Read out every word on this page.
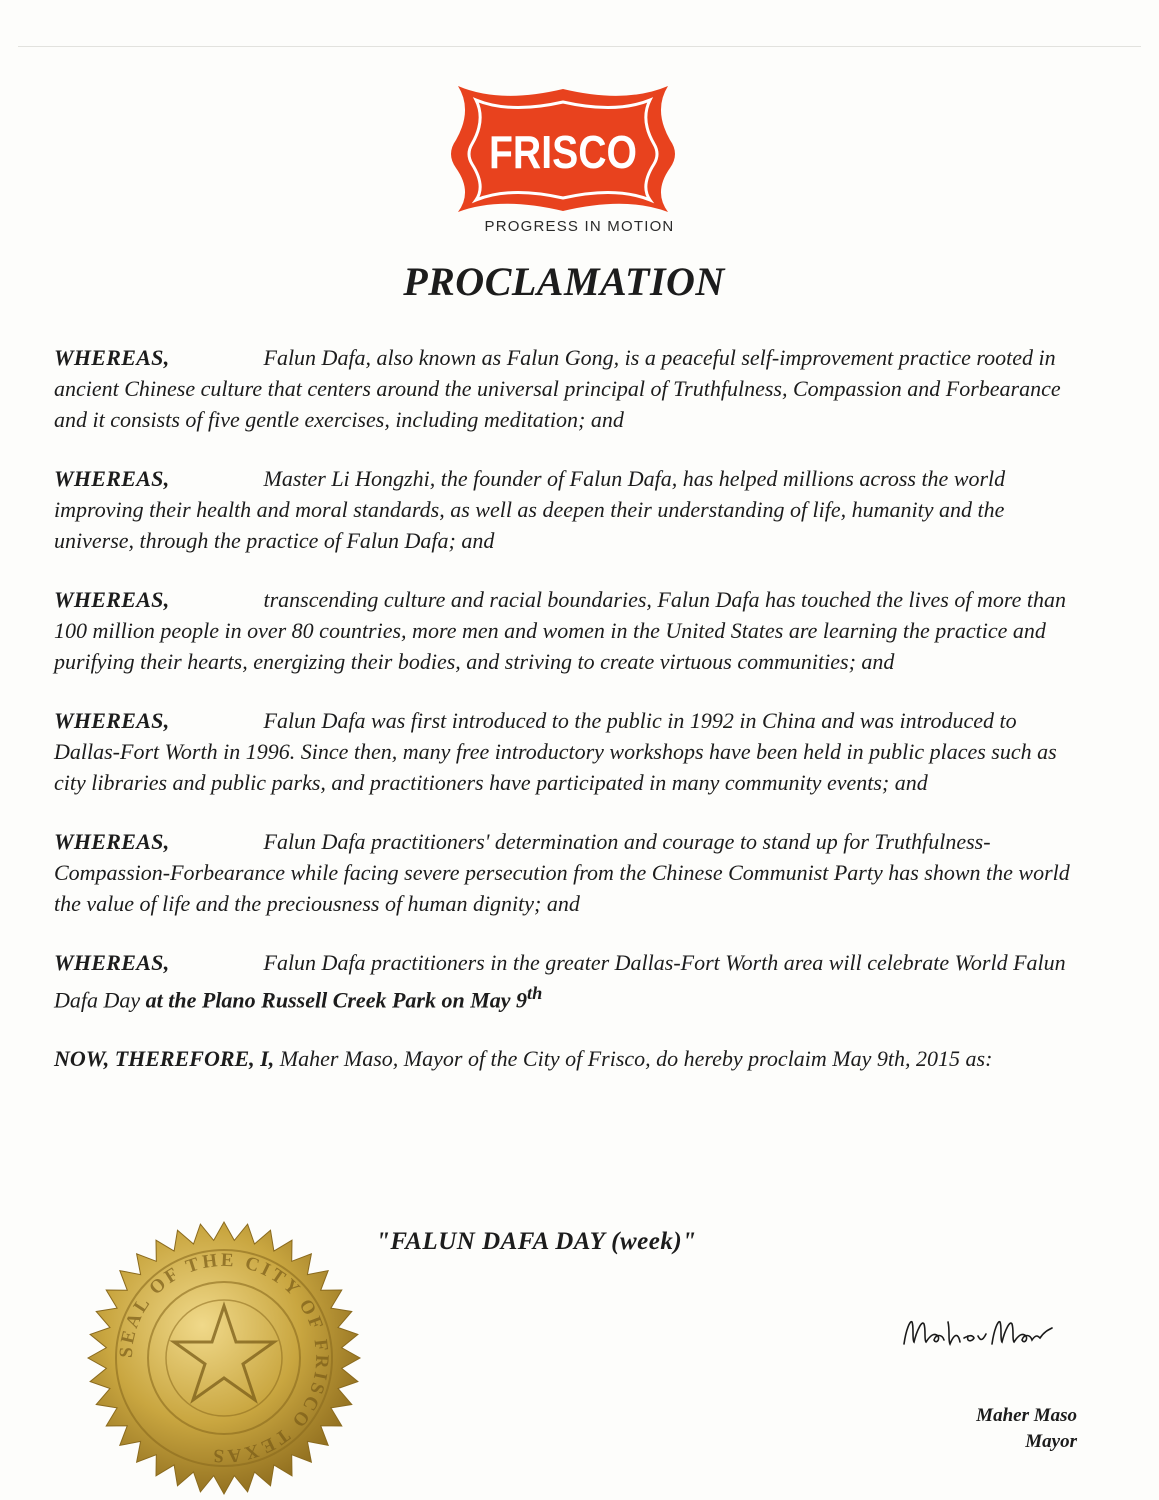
FRISCO
PROGRESS IN MOTION
PROCLAMATION

WHEREAS,	Falun Dafa, also known as Falun Gong, is a peaceful self-improvement practice rooted in ancient Chinese culture that centers around the universal principal of Truthfulness, Compassion and Forbearance and it consists of five gentle exercises, including meditation; and

WHEREAS,	Master Li Hongzhi, the founder of Falun Dafa, has helped millions across the world improving their health and moral standards, as well as deepen their understanding of life, humanity and the universe, through the practice of Falun Dafa; and

WHEREAS,	transcending culture and racial boundaries, Falun Dafa has touched the lives of more than 100 million people in over 80 countries, more men and women in the United States are learning the practice and purifying their hearts, energizing their bodies, and striving to create virtuous communities; and

WHEREAS,	Falun Dafa was first introduced to the public in 1992 in China and was introduced to Dallas-Fort Worth in 1996. Since then, many free introductory workshops have been held in public places such as city libraries and public parks, and practitioners have participated in many community events; and

WHEREAS,	Falun Dafa practitioners' determination and courage to stand up for Truthfulness-Compassion-Forbearance while facing severe persecution from the Chinese Communist Party has shown the world the value of life and the preciousness of human dignity; and

WHEREAS,	Falun Dafa practitioners in the greater Dallas-Fort Worth area will celebrate World Falun Dafa Day at the Plano Russell Creek Park on May 9th

NOW, THEREFORE, I, Maher Maso, Mayor of the City of Frisco, do hereby proclaim May 9th, 2015 as:

"FALUN DAFA DAY (week)"
SEAL OF THE CITY OF FRISCO TEXAS
Maher Maso
Mayor
